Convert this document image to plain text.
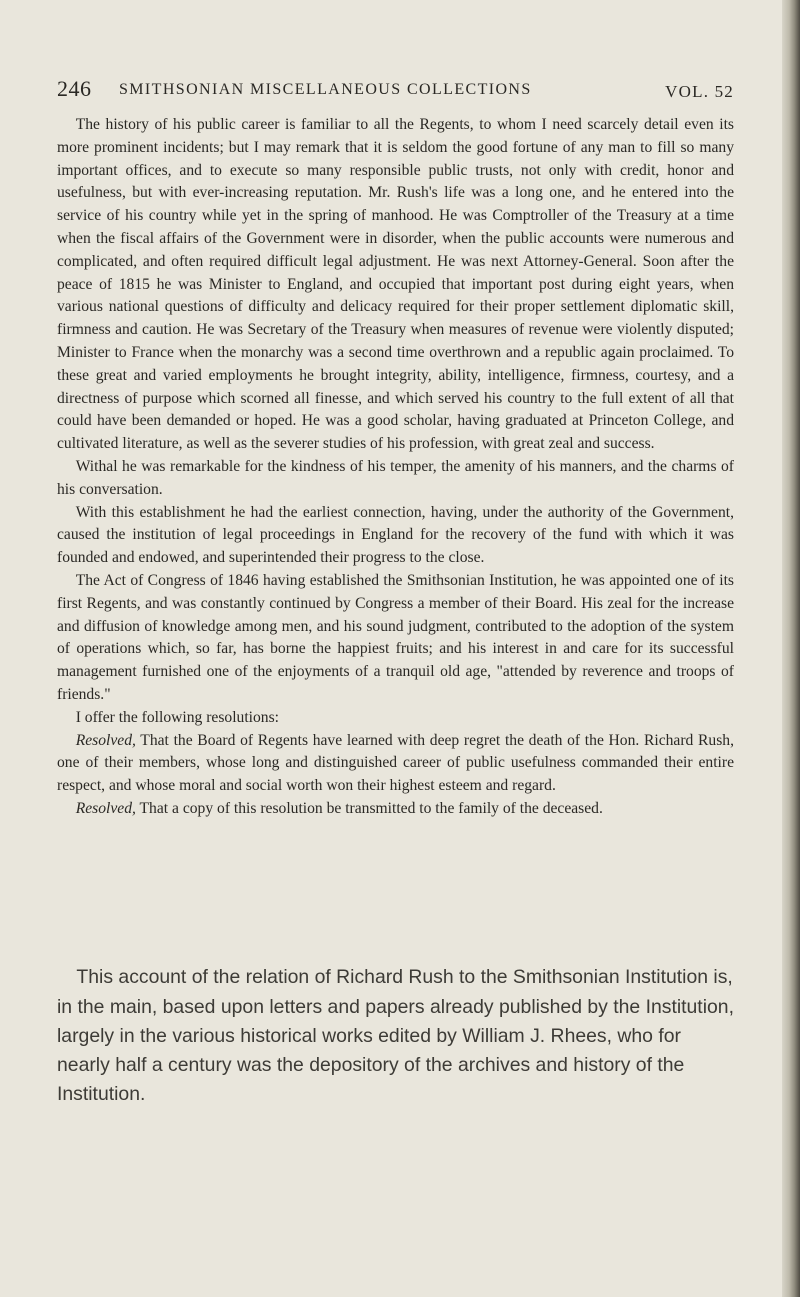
246 SMITHSONIAN MISCELLANEOUS COLLECTIONS	VOL. 52

The history of his public career is familiar to all the Regents, to whom I need scarcely detail even its more prominent incidents; but I may remark that it is seldom the good fortune of any man to fill so many important offices, and to execute so many responsible public trusts, not only with credit, honor and usefulness, but with ever-increasing reputation. Mr. Rush's life was a long one, and he entered into the service of his country while yet in the spring of manhood. He was Comptroller of the Treasury at a time when the fiscal affairs of the Government were in disorder, when the public accounts were numerous and complicated, and often required difficult legal adjustment. He was next Attorney-General. Soon after the peace of 1815 he was Minister to England, and occupied that important post during eight years, when various national questions of difficulty and delicacy required for their proper settlement diplomatic skill, firmness and caution. He was Secretary of the Treasury when measures of revenue were violently disputed; Minister to France when the monarchy was a second time overthrown and a republic again proclaimed. To these great and varied employments he brought integrity, ability, intelligence, firmness, courtesy, and a directness of purpose which scorned all finesse, and which served his country to the full extent of all that could have been demanded or hoped. He was a good scholar, having graduated at Princeton College, and cultivated literature, as well as the severer studies of his profession, with great zeal and success.

Withal he was remarkable for the kindness of his temper, the amenity of his manners, and the charms of his conversation.

With this establishment he had the earliest connection, having, under the authority of the Government, caused the institution of legal proceedings in England for the recovery of the fund with which it was founded and endowed, and superintended their progress to the close.

The Act of Congress of 1846 having established the Smithsonian Institution, he was appointed one of its first Regents, and was constantly continued by Congress a member of their Board. His zeal for the increase and diffusion of knowledge among men, and his sound judgment, contributed to the adoption of the system of operations which, so far, has borne the happiest fruits; and his interest in and care for its successful management furnished one of the enjoyments of a tranquil old age, "attended by reverence and troops of friends."

I offer the following resolutions:

Resolved, That the Board of Regents have learned with deep regret the death of the Hon. Richard Rush, one of their members, whose long and distinguished career of public usefulness commanded their entire respect, and whose moral and social worth won their highest esteem and regard.

Resolved, That a copy of this resolution be transmitted to the family of the deceased.

This account of the relation of Richard Rush to the Smithsonian Institution is, in the main, based upon letters and papers already published by the Institution, largely in the various historical works edited by William J. Rhees, who for nearly half a century was the depository of the archives and history of the Institution.
